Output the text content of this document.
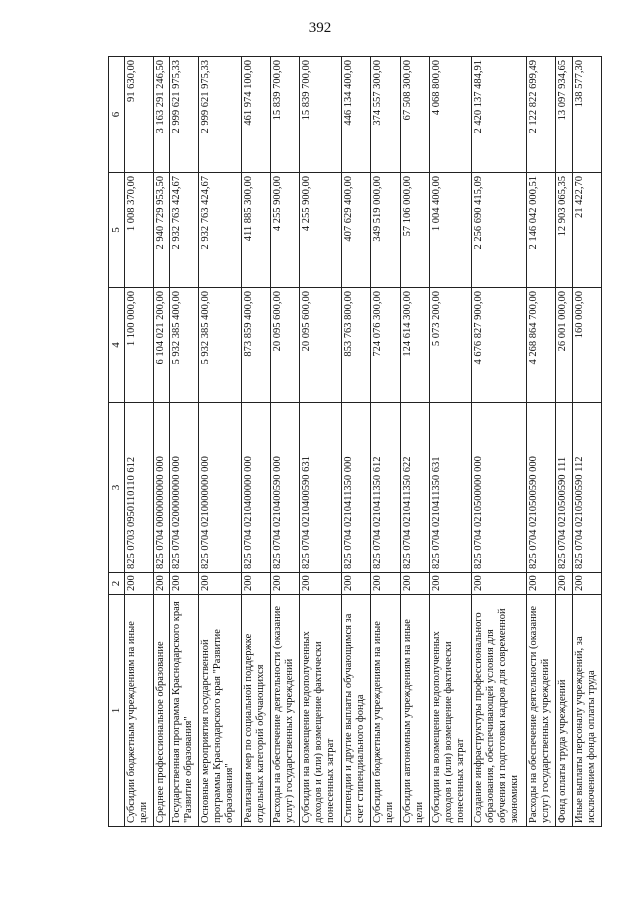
392
1	2	3	4	5	6
Субсидии бюджетным учреждениям на иные цели	200	825 0703 0950110110 612	1 100 000,00	1 008 370,00	91 630,00
Среднее профессиональное образование	200	825 0704 0000000000 000	6 104 021 200,00	2 940 729 953,50	3 163 291 246,50
Государственная программа Краснодарского края "Развитие образования"	200	825 0704 0200000000 000	5 932 385 400,00	2 932 763 424,67	2 999 621 975,33
Основные мероприятия государственной программы Краснодарского края "Развитие образования"	200	825 0704 0210000000 000	5 932 385 400,00	2 932 763 424,67	2 999 621 975,33
Реализация мер по социальной поддержке отдельных категорий обучающихся	200	825 0704 0210400000 000	873 859 400,00	411 885 300,00	461 974 100,00
Расходы на обеспечение деятельности (оказание услуг) государственных учреждений	200	825 0704 0210400590 000	20 095 600,00	4 255 900,00	15 839 700,00
Субсидии на возмещение недополученных доходов и (или) возмещение фактически понесенных затрат	200	825 0704 0210400590 631	20 095 600,00	4 255 900,00	15 839 700,00
Стипендии и другие выплаты обучающимся за счет стипендиального фонда	200	825 0704 0210411350 000	853 763 800,00	407 629 400,00	446 134 400,00
Субсидии бюджетным учреждениям на иные цели	200	825 0704 0210411350 612	724 076 300,00	349 519 000,00	374 557 300,00
Субсидии автономным учреждениям на иные цели	200	825 0704 0210411350 622	124 614 300,00	57 106 000,00	67 508 300,00
Субсидии на возмещение недополученных доходов и (или) возмещение фактически понесенных затрат	200	825 0704 0210411350 631	5 073 200,00	1 004 400,00	4 068 800,00
Создание инфраструктуры профессионального образования, обеспечивающей условия для обучения и подготовки кадров для современной экономики	200	825 0704 0210500000 000	4 676 827 900,00	2 256 690 415,09	2 420 137 484,91
Расходы на обеспечение деятельности (оказание услуг) государственных учреждений	200	825 0704 0210500590 000	4 268 864 700,00	2 146 042 000,51	2 122 822 699,49
Фонд оплаты труда учреждений	200	825 0704 0210500590 111	26 001 000,00	12 903 065,35	13 097 934,65
Иные выплаты персоналу учреждений, за исключением фонда оплаты труда	200	825 0704 0210500590 112	160 000,00	21 422,70	138 577,30
